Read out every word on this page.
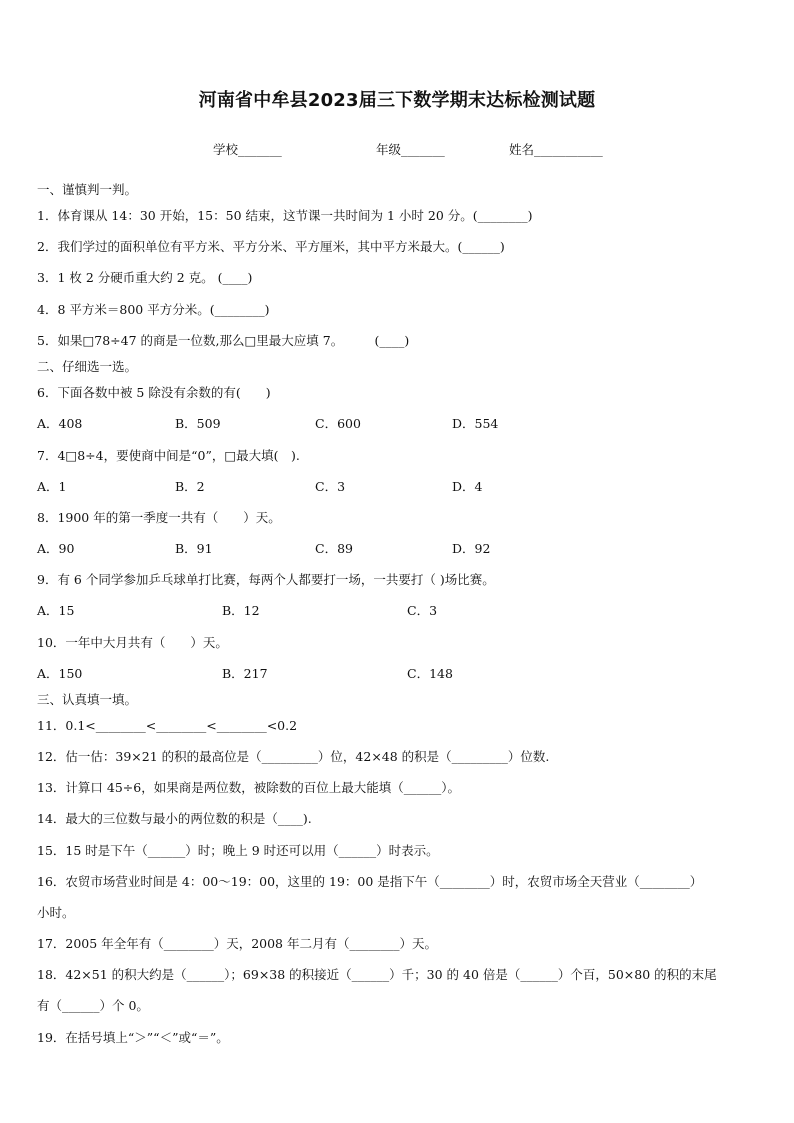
河南省中牟县2023届三下数学期末达标检测试题
学校_______	年级_______	姓名___________
一、谨慎判一判。
1．体育课从 14：30 开始，15：50 结束，这节课一共时间为 1 小时 20 分。(________)
2．我们学过的面积单位有平方米、平方分米、平方厘米，其中平方米最大。(______)
3．1 枚 2 分硬币重大约 2 克。 (____)
4．8 平方米＝800 平方分米。(________)
5．如果□78÷47 的商是一位数,那么□里最大应填 7。　　　(____)
二、仔细选一选。
6．下面各数中被 5 除没有余数的有(　　)
A．408	B．509	C．600	D．554
7．4□8÷4，要使商中间是“0”，□最大填(　).
A．1	B．2	C．3	D．4
8．1900 年的第一季度一共有（　　）天。
A．90	B．91	C．89	D．92
9．有 6 个同学参加乒乓球单打比赛，每两个人都要打一场，一共要打（ )场比赛。
A．15	B．12	C．3
10．一年中大月共有（　　）天。
A．150	B．217	C．148
三、认真填一填。
11．0.1<________<________<________<0.2
12．估一估：39×21 的积的最高位是（_________）位，42×48 的积是（_________）位数.
13．计算口 45÷6，如果商是两位数，被除数的百位上最大能填（______）。
14．最大的三位数与最小的两位数的积是（____).
15．15 时是下午（______）时；晚上 9 时还可以用（______）时表示。
16．农贸市场营业时间是 4：00～19：00，这里的 19：00 是指下午（________）时，农贸市场全天营业（________）
小时。
17．2005 年全年有（________）天，2008 年二月有（________）天。
18．42×51 的积大约是（______）；69×38 的积接近（______）千；30 的 40 倍是（______）个百，50×80 的积的末尾
有（______）个 0。
19．在括号填上“＞”“＜”或“＝”。
